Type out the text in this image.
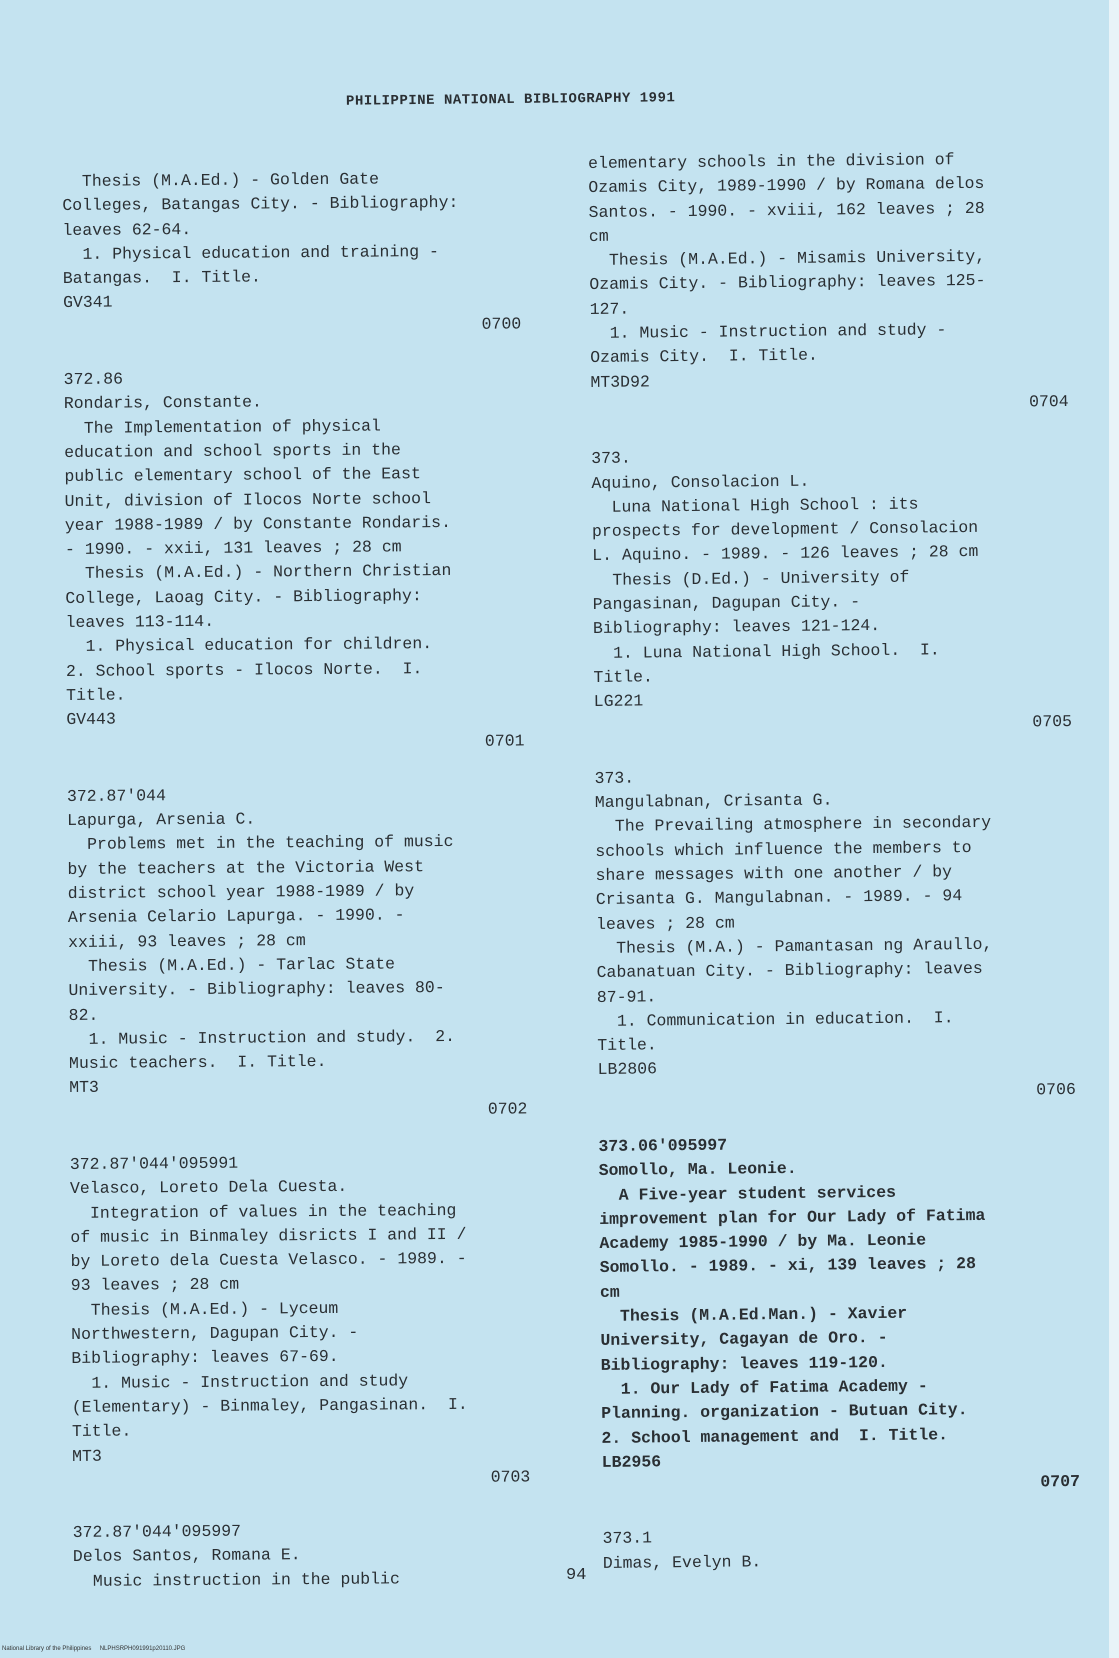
PHILIPPINE NATIONAL BIBLIOGRAPHY 1991
Thesis (M.A.Ed.) - Golden Gate
Colleges, Batangas City. - Bibliography:
leaves 62-64.
1. Physical education and training -
Batangas.  I. Title.
GV341
0700
372.86
Rondaris, Constante.
The Implementation of physical
education and school sports in the
public elementary school of the East
Unit, division of Ilocos Norte school
year 1988-1989 / by Constante Rondaris.
- 1990. - xxii, 131 leaves ; 28 cm
Thesis (M.A.Ed.) - Northern Christian
College, Laoag City. - Bibliography:
leaves 113-114.
1. Physical education for children.
2. School sports - Ilocos Norte.  I.
Title.
GV443
0701
372.87'044
Lapurga, Arsenia C.
Problems met in the teaching of music
by the teachers at the Victoria West
district school year 1988-1989 / by
Arsenia Celario Lapurga. - 1990. -
xxiii, 93 leaves ; 28 cm
Thesis (M.A.Ed.) - Tarlac State
University. - Bibliography: leaves 80-
82.
1. Music - Instruction and study.  2.
Music teachers.  I. Title.
MT3
0702
372.87'044'095991
Velasco, Loreto Dela Cuesta.
Integration of values in the teaching
of music in Binmaley disricts I and II /
by Loreto dela Cuesta Velasco. - 1989. -
93 leaves ; 28 cm
Thesis (M.A.Ed.) - Lyceum
Northwestern, Dagupan City. -
Bibliography: leaves 67-69.
1. Music - Instruction and study
(Elementary) - Binmaley, Pangasinan.  I.
Title.
MT3
0703
372.87'044'095997
Delos Santos, Romana E.
Music instruction in the public
elementary schools in the division of
Ozamis City, 1989-1990 / by Romana delos
Santos. - 1990. - xviii, 162 leaves ; 28
cm
Thesis (M.A.Ed.) - Misamis University,
Ozamis City. - Bibliography: leaves 125-
127.
1. Music - Instruction and study -
Ozamis City.  I. Title.
MT3D92
0704
373.
Aquino, Consolacion L.
Luna National High School : its
prospects for development / Consolacion
L. Aquino. - 1989. - 126 leaves ; 28 cm
Thesis (D.Ed.) - University of
Pangasinan, Dagupan City. -
Bibliography: leaves 121-124.
1. Luna National High School.  I.
Title.
LG221
0705
373.
Mangulabnan, Crisanta G.
The Prevailing atmosphere in secondary
schools which influence the members to
share messages with one another / by
Crisanta G. Mangulabnan. - 1989. - 94
leaves ; 28 cm
Thesis (M.A.) - Pamantasan ng Araullo,
Cabanatuan City. - Bibliography: leaves
87-91.
1. Communication in education.  I.
Title.
LB2806
0706
373.06'095997
Somollo, Ma. Leonie.
A Five-year student services
improvement plan for Our Lady of Fatima
Academy 1985-1990 / by Ma. Leonie
Somollo. - 1989. - xi, 139 leaves ; 28
cm
Thesis (M.A.Ed.Man.) - Xavier
University, Cagayan de Oro. -
Bibliography: leaves 119-120.
1. Our Lady of Fatima Academy -
Planning. organization - Butuan City.
2. School management and  I. Title.
LB2956
0707
373.1
Dimas, Evelyn B.
94
National Library of the Philippines     NLPHSRPH091991p20110.JPG
